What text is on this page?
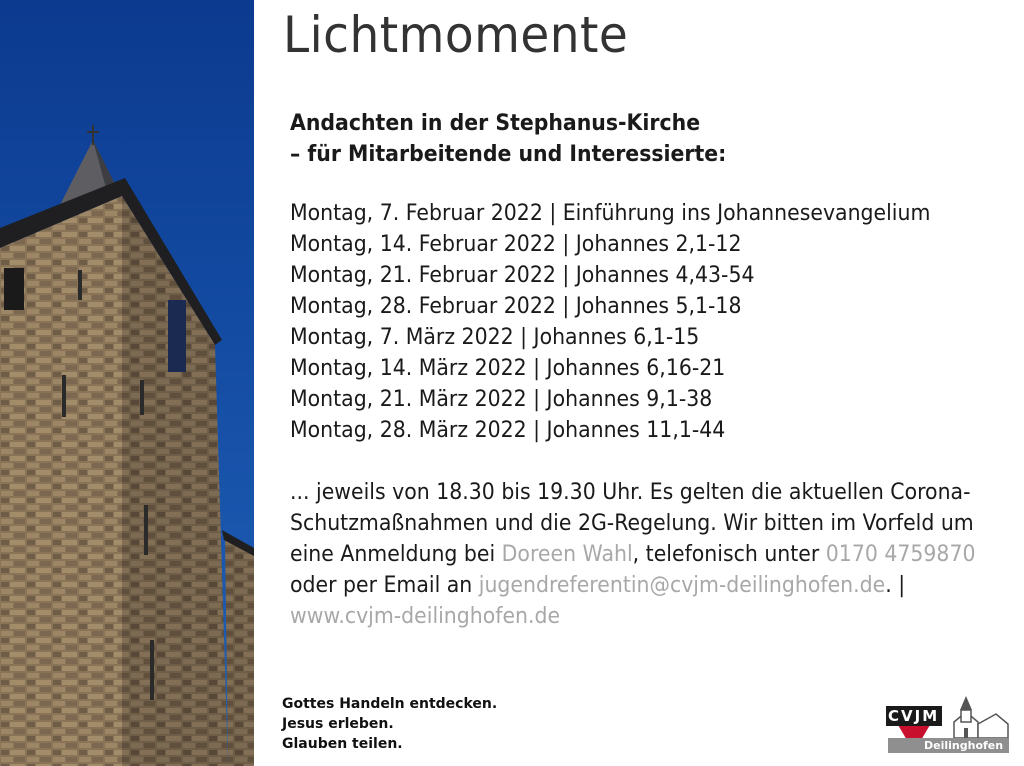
Lichtmomente

Andachten in der Stephanus-Kirche
– für Mitarbeitende und Interessierte:

Montag, 7. Februar 2022 | Einführung ins Johannesevangelium
Montag, 14. Februar 2022 | Johannes 2,1-12
Montag, 21. Februar 2022 | Johannes 4,43-54
Montag, 28. Februar 2022 | Johannes 5,1-18
Montag, 7. März 2022 | Johannes 6,1-15
Montag, 14. März 2022 | Johannes 6,16-21
Montag, 21. März 2022 | Johannes 9,1-38
Montag, 28. März 2022 | Johannes 11,1-44

... jeweils von 18.30 bis 19.30 Uhr. Es gelten die aktuellen Corona-Schutzmaßnahmen und die 2G-Regelung. Wir bitten im Vorfeld um eine Anmeldung bei Doreen Wahl, telefonisch unter 0170 4759870 oder per Email an jugendreferentin@cvjm-deilinghofen.de. | www.cvjm-deilinghofen.de

Gottes Handeln entdecken.
Jesus erleben.
Glauben teilen.
CVJM
Deilinghofen
